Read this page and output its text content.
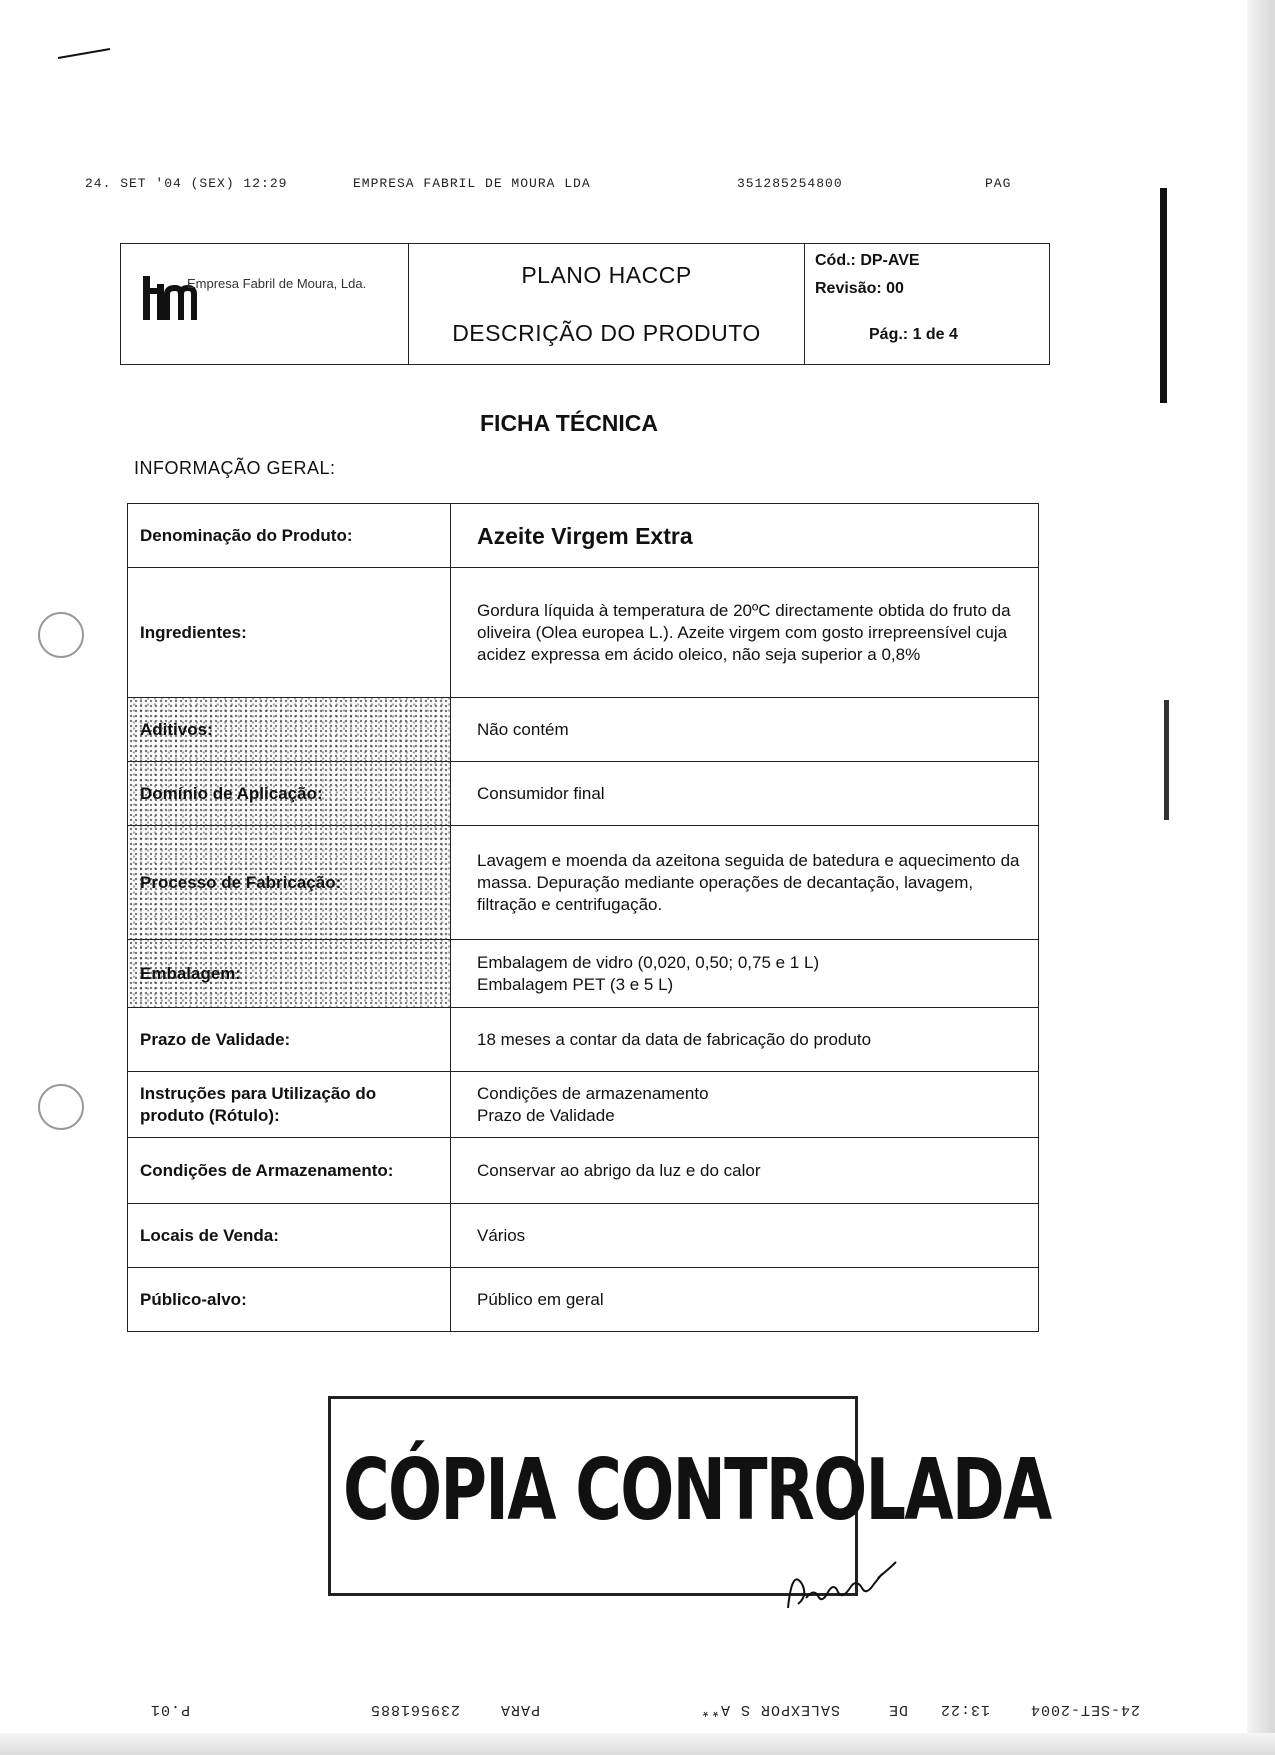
24. SET '04 (SEX) 12:29	EMPRESA FABRIL DE MOURA LDA	351285254800	PAG
Empresa Fabril de Moura, Lda.	PLANO HACCP
DESCRIÇÃO DO PRODUTO
Cód.: DP-AVE
Revisão: 00
Pág.: 1 de 4
FICHA TÉCNICA
INFORMAÇÃO GERAL:
Denominação do Produto:	Azeite Virgem Extra
Ingredientes:	Gordura líquida à temperatura de 20ºC directamente obtida do fruto da oliveira (Olea europea L.). Azeite virgem com gosto irrepreensível cuja acidez expressa em ácido oleico, não seja superior a 0,8%
Aditivos:	Não contém
Domínio de Aplicação:	Consumidor final
Processo de Fabricação:	Lavagem e moenda da azeitona seguida de batedura e aquecimento da massa. Depuração mediante operações de decantação, lavagem, filtração e centrifugação.
Embalagem:	Embalagem de vidro (0,020, 0,50; 0,75 e 1 L)
Embalagem PET (3 e 5 L)

Prazo de Validade:	18 meses a contar da data de fabricação do produto
Instruções para Utilização do produto (Rótulo):	Condições de armazenamento
Prazo de Validade

Condições de Armazenamento:	Conservar ao abrigo da luz e do calor
Locais de Venda:	Vários
Público-alvo:	Público em geral
CÓPIA CONTROLADA
24-SET-2004
13:22
DE
SALEXPOR S A**
PARA
239561885
P.01
